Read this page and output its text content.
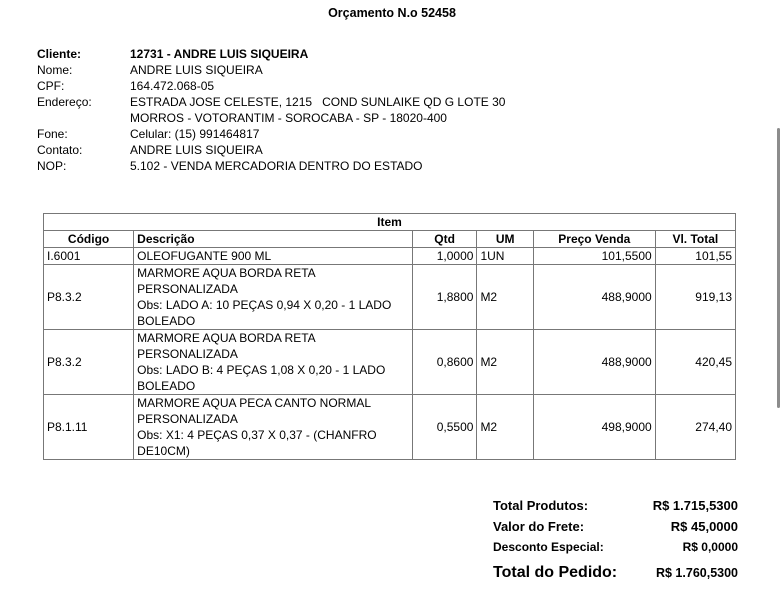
Orçamento N.o 52458
Cliente:	12731 - ANDRE LUIS SIQUEIRA
Nome:	ANDRE LUIS SIQUEIRA
CPF:	164.472.068-05
Endereço:	ESTRADA JOSE CELESTE, 1215   COND SUNLAIKE QD G LOTE 30
MORROS - VOTORANTIM - SOROCABA - SP - 18020-400
Fone:	Celular: (15) 991464817
Contato:	ANDRE LUIS SIQUEIRA
NOP:	5.102 - VENDA MERCADORIA DENTRO DO ESTADO
Item					
Código	Descrição	Qtd	UM	Preço Venda	Vl. Total
I.6001	OLEOFUGANTE 900 ML	1,0000	1UN	101,5500	101,55
P8.3.2	MARMORE AQUA BORDA RETA PERSONALIZADA
Obs: LADO A: 10 PEÇAS 0,94 X 0,20 - 1 LADO BOLEADO	1,8800	M2	488,9000	919,13
P8.3.2	MARMORE AQUA BORDA RETA PERSONALIZADA
Obs: LADO B: 4 PEÇAS 1,08 X 0,20 - 1 LADO BOLEADO	0,8600	M2	488,9000	420,45
P8.1.11	MARMORE AQUA PECA CANTO NORMAL PERSONALIZADA
Obs: X1: 4 PEÇAS 0,37 X 0,37 - (CHANFRO DE10CM)	0,5500	M2	498,9000	274,40
Total Produtos:	R$ 1.715,5300
Valor do Frete:	R$ 45,0000
Desconto Especial:	R$ 0,0000
Total do Pedido:	R$ 1.760,5300
